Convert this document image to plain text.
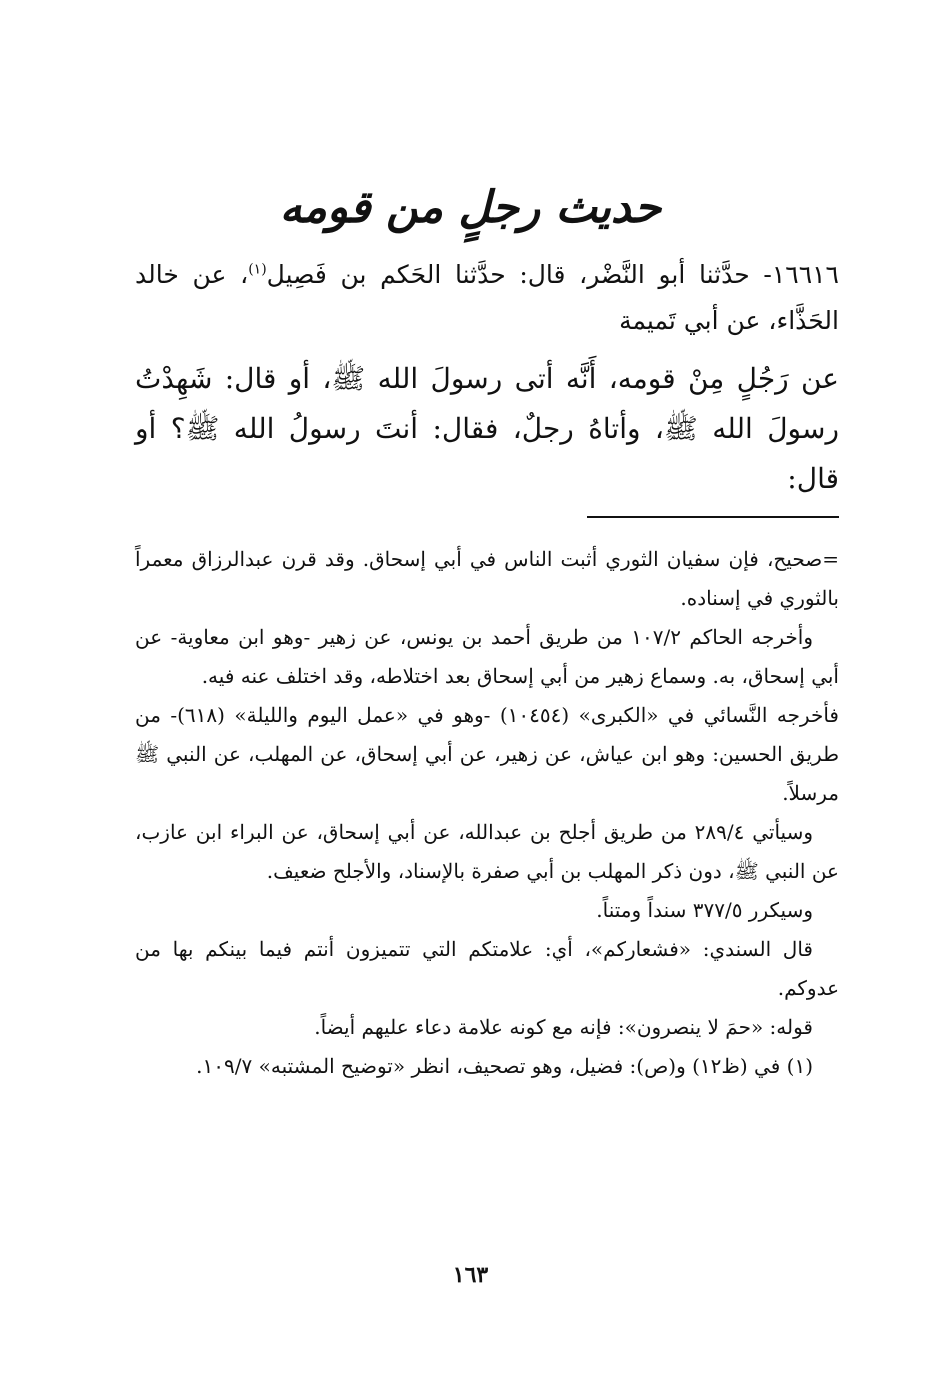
حديث رجلٍ من قومه

١٦٦١٦- حدَّثنا أبو النَّضْر، قال: حدَّثنا الحَكم بن فَصِيل$^{(١)}$، عن خالد الحَذَّاء، عن أبي تَميمة

عن رَجُلٍ مِنْ قومه، أَنَّه أتى رسولَ الله ﷺ، أو قال: شَهِدْتُ رسولَ الله ﷺ، وأتاهُ رجلٌ، فقال: أنتَ رسولُ الله ﷺ؟ أو قال:

=صحيح، فإن سفيان الثوري أثبت الناس في أبي إسحاق. وقد قرن عبدالرزاق معمراً بالثوري في إسناده.

وأخرجه الحاكم ١٠٧/٢ من طريق أحمد بن يونس، عن زهير -وهو ابن معاوية- عن أبي إسحاق، به. وسماع زهير من أبي إسحاق بعد اختلاطه، وقد اختلف عنه فيه.

فأخرجه النَّسائي في «الكبرى» (١٠٤٥٤) -وهو في «عمل اليوم والليلة» (٦١٨)- من طريق الحسين: وهو ابن عياش، عن زهير، عن أبي إسحاق، عن المهلب، عن النبي ﷺ مرسلاً.

وسيأتي ٢٨٩/٤ من طريق أجلح بن عبدالله، عن أبي إسحاق، عن البراء ابن عازب، عن النبي ﷺ، دون ذكر المهلب بن أبي صفرة بالإسناد، والأجلح ضعيف.

وسيكرر ٣٧٧/٥ سنداً ومتناً.

قال السندي: «فشعاركم»، أي: علامتكم التي تتميزون أنتم فيما بينكم بها من عدوكم.

قوله: «حمَ لا ينصرون»: فإنه مع كونه علامة دعاء عليهم أيضاً.

(١) في (ظ١٢) و(ص): فضيل، وهو تصحيف، انظر «توضيح المشتبه» ١٠٩/٧.

١٦٣
